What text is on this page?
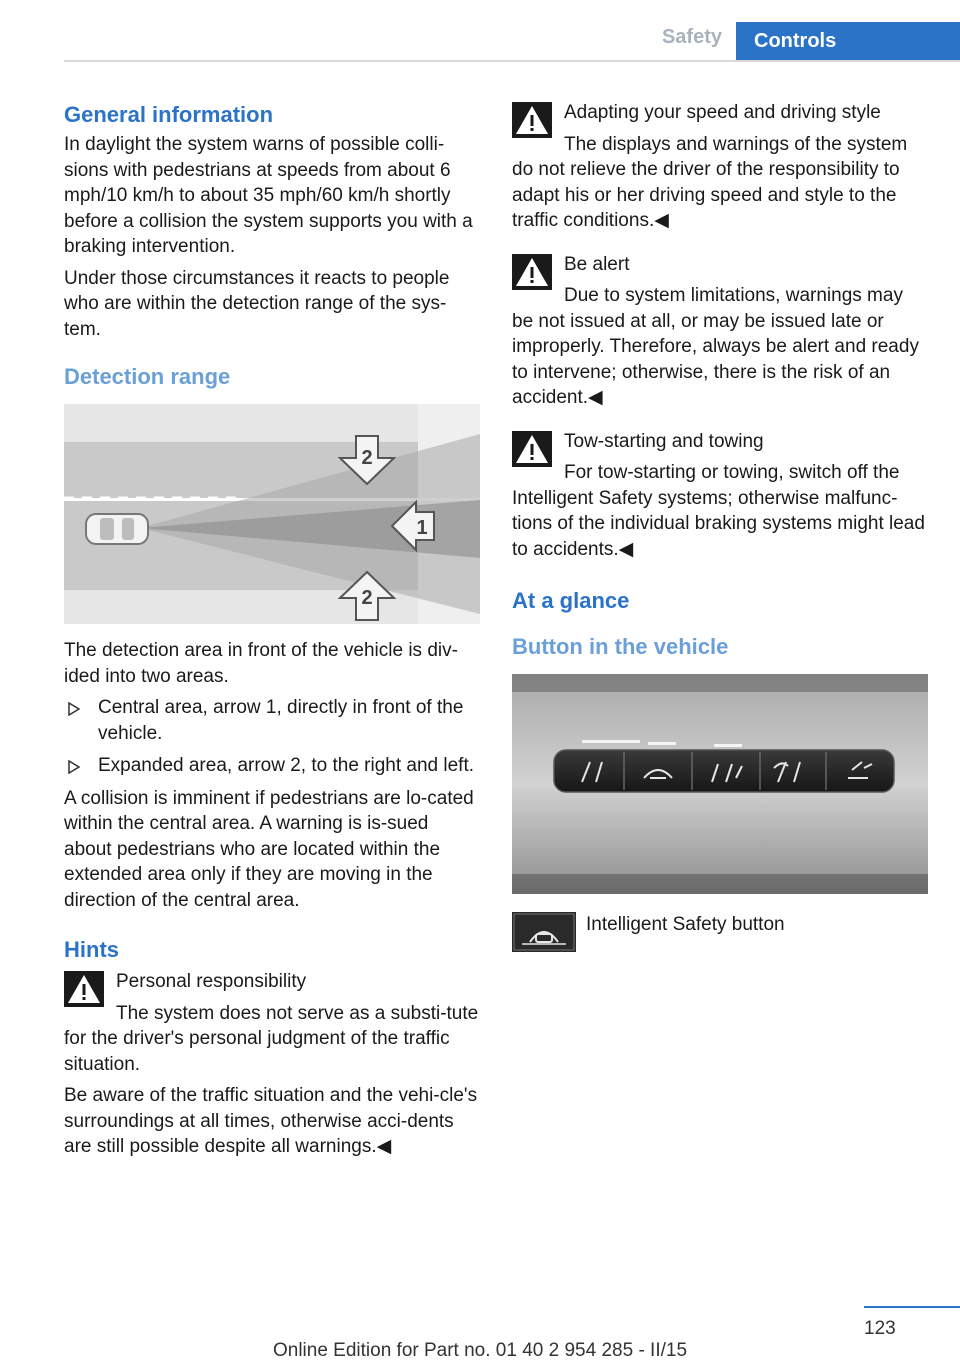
Safety	Controls
General information

In daylight the system warns of possible colli-sions with pedestrians at speeds from about 6 mph/10 km/h to about 35 mph/60 km/h shortly before a collision the system supports you with a braking intervention.

Under those circumstances it reacts to people who are within the detection range of the sys-tem.

Detection range
2
1
2

The detection area in front of the vehicle is div-ided into two areas.

Central area, arrow 1, directly in front of the vehicle.
Expanded area, arrow 2, to the right and left.

A collision is imminent if pedestrians are lo-cated within the central area. A warning is is-sued about pedestrians who are located within the extended area only if they are moving in the direction of the central area.

Hints
Personal responsibility

The system does not serve as a substi-tute for the driver's personal judgment of the traffic situation.

Be aware of the traffic situation and the vehi-cle's surroundings at all times, otherwise acci-dents are still possible despite all warnings.◀

Adapting your speed and driving style

The displays and warnings of the system do not relieve the driver of the responsibility to adapt his or her driving speed and style to the traffic conditions.◀

Be alert

Due to system limitations, warnings may be not issued at all, or may be issued late or improperly. Therefore, always be alert and ready to intervene; otherwise, there is the risk of an accident.◀

Tow-starting and towing

For tow-starting or towing, switch off the Intelligent Safety systems; otherwise malfunc-tions of the individual braking systems might lead to accidents.◀

At a glance
Button in the vehicle
Intelligent Safety button
123
Online Edition for Part no. 01 40 2 954 285 - II/15
